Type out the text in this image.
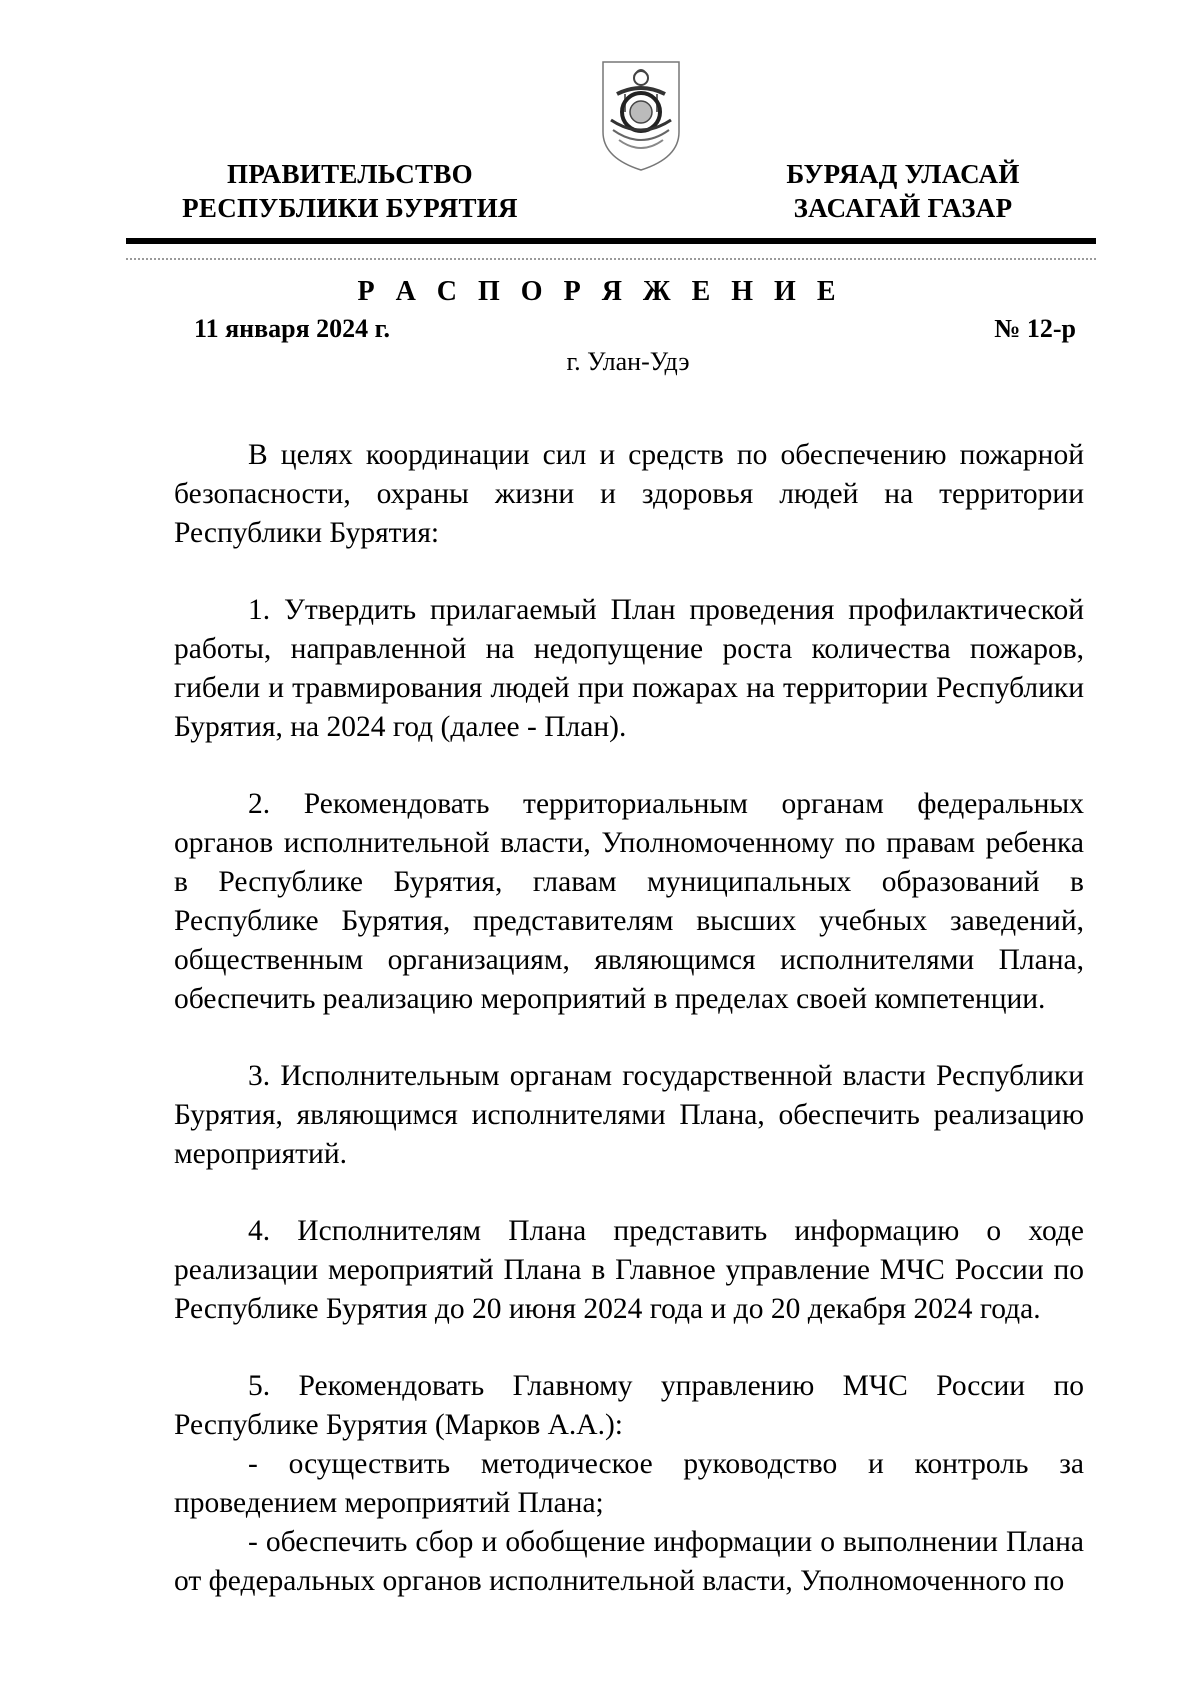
ПРАВИТЕЛЬСТВО
РЕСПУБЛИКИ БУРЯТИЯ
БУРЯАД УЛАСАЙ
ЗАСАГАЙ ГАЗАР
Р А С П О Р Я Ж Е Н И Е
11 января 2024 г.	№ 12-р
г. Улан-Удэ

В целях координации сил и средств по обеспечению пожарной безопасности, охраны жизни и здоровья людей на территории Республики Бурятия:

1. Утвердить прилагаемый План проведения профилактической работы, направленной на недопущение роста количества пожаров, гибели и травмирования людей при пожарах на территории Республики Бурятия, на 2024 год (далее - План).

2. Рекомендовать территориальным органам федеральных органов исполнительной власти, Уполномоченному по правам ребенка в Республике Бурятия, главам муниципальных образований в Республике Бурятия, представителям высших учебных заведений, общественным организациям, являющимся исполнителями Плана, обеспечить реализацию мероприятий в пределах своей компетенции.

3. Исполнительным органам государственной власти Республики Бурятия, являющимся исполнителями Плана, обеспечить реализацию мероприятий.

4. Исполнителям Плана представить информацию о ходе реализации мероприятий Плана в Главное управление МЧС России по Республике Бурятия до 20 июня 2024 года и до 20 декабря 2024 года.

5. Рекомендовать Главному управлению МЧС России по Республике Бурятия (Марков А.А.):

- осуществить методическое руководство и контроль за проведением мероприятий Плана;

- обеспечить сбор и обобщение информации о выполнении Плана от федеральных органов исполнительной власти, Уполномоченного по
